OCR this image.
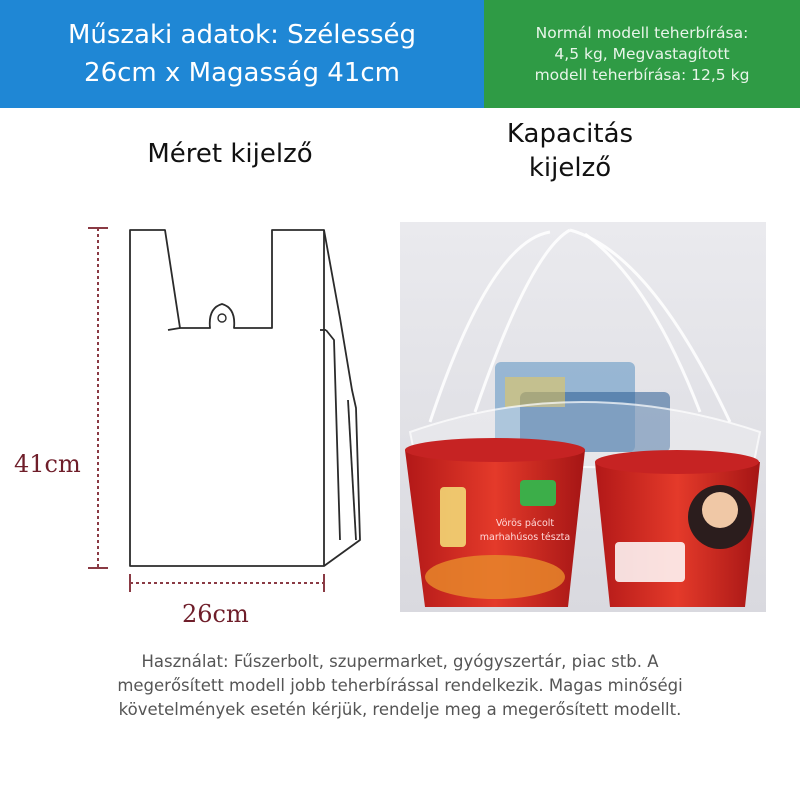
Műszaki adatok: Szélesség
26cm x Magasság 41cm
Normál modell teherbírása:
4,5 kg, Megvastagított
modell teherbírása: 12,5 kg
Méret kijelző
Kapacitás
kijelző
41cm
26cm
Vörös pácolt
marhahúsos tészta
Használat: Fűszerbolt, szupermarket, gyógyszertár, piac stb. A
megerősített modell jobb teherbírással rendelkezik. Magas minőségi
követelmények esetén kérjük, rendelje meg a megerősített modellt.
